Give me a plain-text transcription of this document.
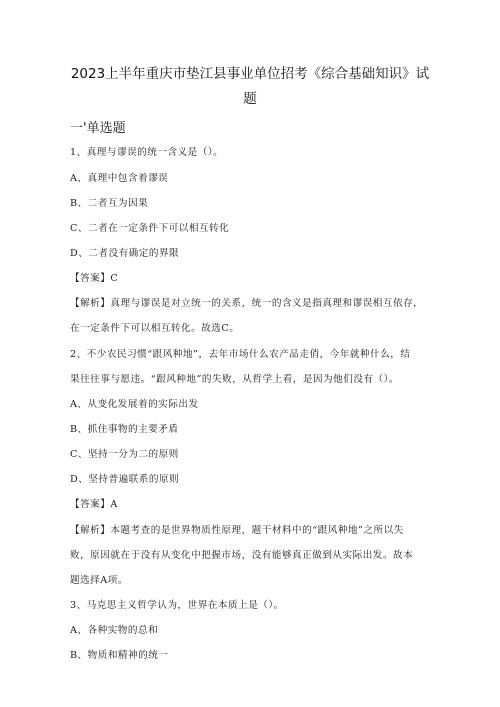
2023上半年重庆市垫江县事业单位招考《综合基础知识》试
题
一'单选题
1、真理与谬误的统一含义是（）。
A、真理中包含着谬误
B、二者互为因果
C、二者在一定条件下可以相互转化
D、二者没有确定的界限
【答案】C
【解析】真理与谬误是对立统一的关系，统一的含义是指真理和谬误相互依存，
在一定条件下可以相互转化。故选C。
2、不少农民习惯“跟风种地”，去年市场什么农产品走俏，今年就种什么，结
果往往事与愿违。“跟风种地”的失败，从哲学上看，是因为他们没有（）。
A、从变化发展着的实际出发
B、抓住事物的主要矛盾
C、坚持一分为二的原则
D、坚持普遍联系的原则
【答案】A
【解析】本题考查的是世界物质性原理，题干材料中的“跟风种地”之所以失
败，原因就在于没有从变化中把握市场，没有能够真正做到从实际出发。故本
题选择A项。
3、马克思主义哲学认为，世界在本质上是（）。
A、各种实物的总和
B、物质和精神的统一
